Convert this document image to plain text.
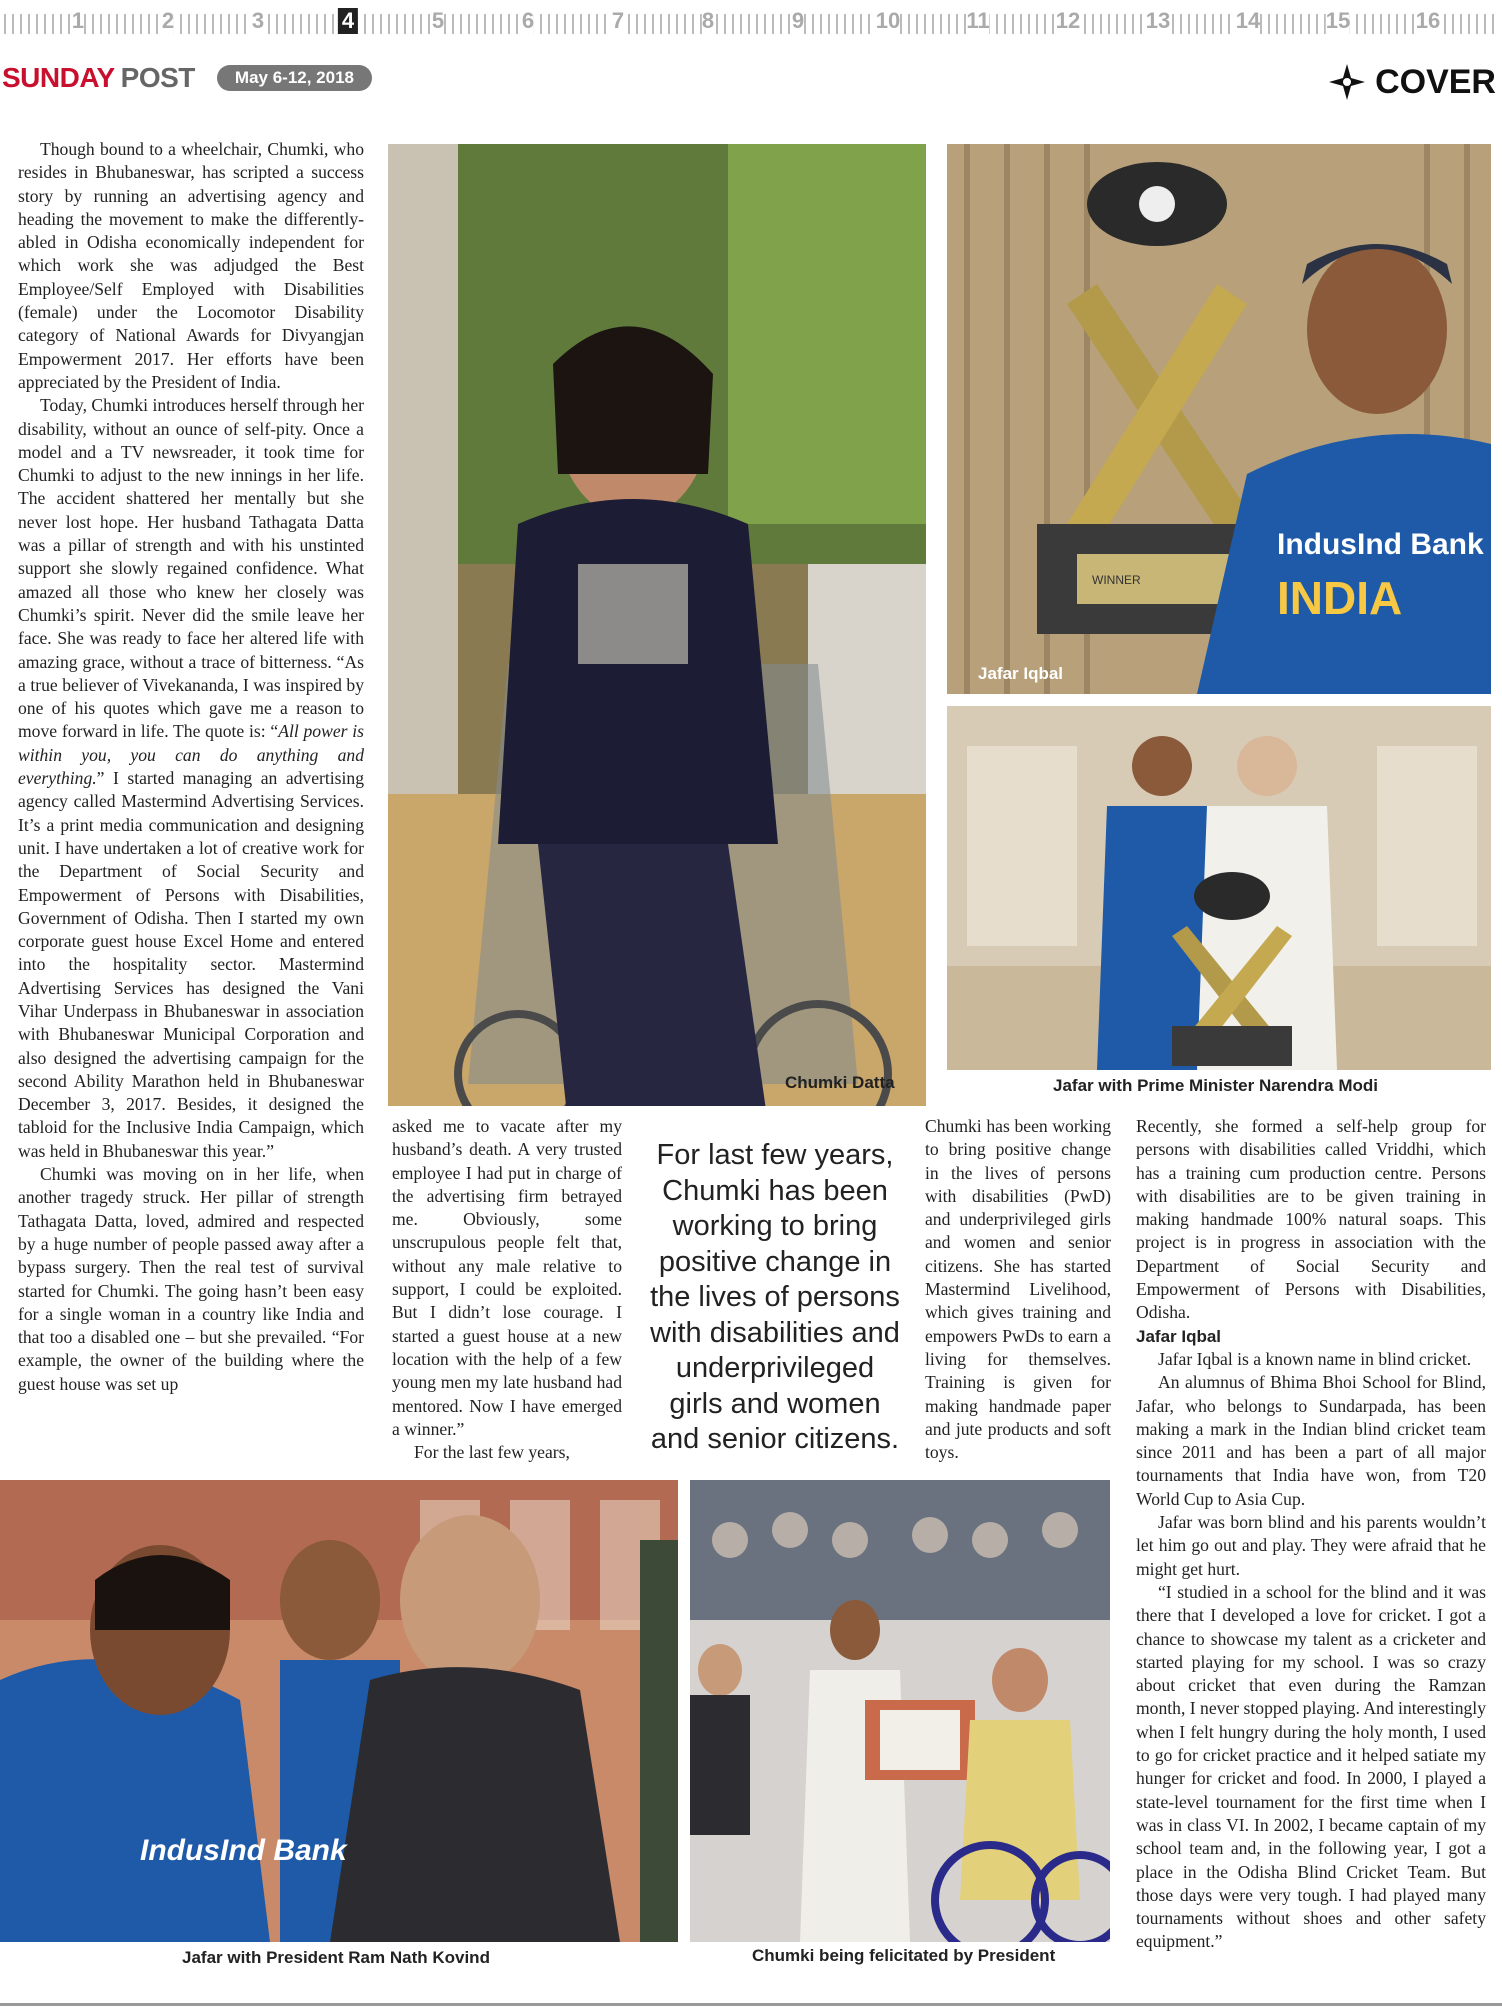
1	2	3	4	5	6	7	8	9	10	11	12	13	14	15	16
SUNDAY POST	May 6-12, 2018	COVER

Though bound to a wheelchair, Chumki, who resides in Bhubaneswar, has scripted a success story by running an advertising agency and heading the movement to make the differently-abled in Odisha economically independent for which work she was adjudged the Best Employee/Self Employed with Disabilities (female) under the Locomotor Disability category of National Awards for Divyangjan Empowerment 2017. Her efforts have been appreciated by the President of India.

Today, Chumki introduces herself through her disability, without an ounce of self-pity. Once a model and a TV newsreader, it took time for Chumki to adjust to the new innings in her life. The accident shattered her mentally but she never lost hope. Her husband Tathagata Datta was a pillar of strength and with his unstinted support she slowly regained confidence. What amazed all those who knew her closely was Chumki’s spirit. Never did the smile leave her face. She was ready to face her altered life with amazing grace, without a trace of bitterness. “As a true believer of Vivekananda, I was inspired by one of his quotes which gave me a reason to move forward in life. The quote is: “All power is within you, you can do anything and everything.” I started managing an advertising agency called Mastermind Advertising Services. It’s a print media communication and designing unit. I have undertaken a lot of creative work for the Department of Social Security and Empowerment of Persons with Disabilities, Government of Odisha. Then I started my own corporate guest house Excel Home and entered into the hospitality sector. Mastermind Advertising Services has designed the Vani Vihar Underpass in Bhubaneswar in association with Bhubaneswar Municipal Corporation and also designed the advertising campaign for the second Ability Marathon held in Bhubaneswar December 3, 2017. Besides, it designed the tabloid for the Inclusive India Campaign, which was held in Bhubaneswar this year.”

Chumki was moving on in her life, when another tragedy struck. Her pillar of strength Tathagata Datta, loved, admired and respected by a huge number of people passed away after a bypass surgery. Then the real test of survival started for Chumki. The going hasn’t been easy for a single woman in a country like India and that too a disabled one – but she prevailed. “For example, the owner of the building where the guest house was set up

Chumki Datta
IndusInd Bank
INDIA
WINNER
Jafar Iqbal
Jafar with Prime Minister Narendra Modi

asked me to vacate after my husband’s death. A very trusted employee I had put in charge of the advertising firm betrayed me. Obviously, some unscrupulous people felt that, without any male relative to support, I could be exploited. But I didn’t lose courage. I started a guest house at a new location with the help of a few young men my late husband had mentored. Now I have emerged a winner.”

For the last few years,

For last few years, Chumki has been working to bring positive change in the lives of persons with disabilities and underprivileged girls and women and senior citizens.

Chumki has been working to bring positive change in the lives of persons with disabilities (PwD) and underprivileged girls and women and senior citizens. She has started Mastermind Livelihood, which gives training and empowers PwDs to earn a living for themselves. Training is given for making handmade paper and jute products and soft toys.

Recently, she formed a self-help group for persons with disabilities called Vriddhi, which has a training cum production centre. Persons with disabilities are to be given training in making handmade 100% natural soaps. This project is in progress in association with the Department of Social Security and Empowerment of Persons with Disabilities, Odisha.

Jafar Iqbal

Jafar Iqbal is a known name in blind cricket.

An alumnus of Bhima Bhoi School for Blind, Jafar, who belongs to Sundarpada, has been making a mark in the Indian blind cricket team since 2011 and has been a part of all major tournaments that India have won, from T20 World Cup to Asia Cup.

Jafar was born blind and his parents wouldn’t let him go out and play. They were afraid that he might get hurt.

“I studied in a school for the blind and it was there that I developed a love for cricket. I got a chance to showcase my talent as a cricketer and started playing for my school. I was so crazy about cricket that even during the Ramzan month, I never stopped playing. And interestingly when I felt hungry during the holy month, I used to go for cricket practice and it helped satiate my hunger for cricket and food. In 2000, I played a state-level tournament for the first time when I was in class VI. In 2002, I became captain of my school team and, in the following year, I got a place in the Odisha Blind Cricket Team. But those days were very tough. I had played many tournaments without shoes and other safety equipment.”

IndusInd Bank
Jafar with President Ram Nath Kovind	Chumki being felicitated by President
